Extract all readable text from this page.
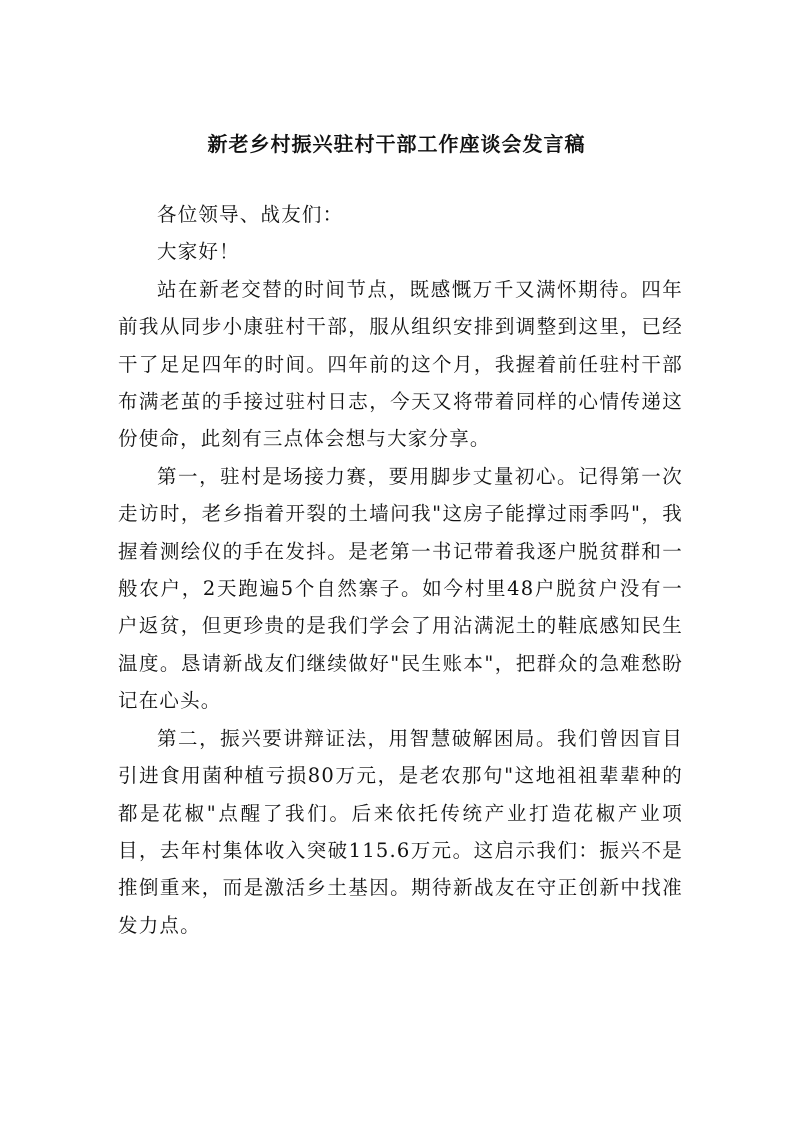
新老乡村振兴驻村干部工作座谈会发言稿

各位领导、战友们：

大家好！

站在新老交替的时间节点，既感慨万千又满怀期待。四年前我从同步小康驻村干部，服从组织安排到调整到这里，已经干了足足四年的时间。四年前的这个月，我握着前任驻村干部布满老茧的手接过驻村日志，今天又将带着同样的心情传递这份使命，此刻有三点体会想与大家分享。

第一，驻村是场接力赛，要用脚步丈量初心。记得第一次走访时，老乡指着开裂的土墙问我"这房子能撑过雨季吗"，我握着测绘仪的手在发抖。是老第一书记带着我逐户脱贫群和一般农户，2天跑遍5个自然寨子。如今村里48户脱贫户没有一户返贫，但更珍贵的是我们学会了用沾满泥土的鞋底感知民生温度。恳请新战友们继续做好"民生账本"，把群众的急难愁盼记在心头。

第二，振兴要讲辩证法，用智慧破解困局。我们曾因盲目引进食用菌种植亏损80万元，是老农那句"这地祖祖辈辈种的都是花椒"点醒了我们。后来依托传统产业打造花椒产业项目，去年村集体收入突破115.6万元。这启示我们：振兴不是推倒重来，而是激活乡土基因。期待新战友在守正创新中找准发力点。
